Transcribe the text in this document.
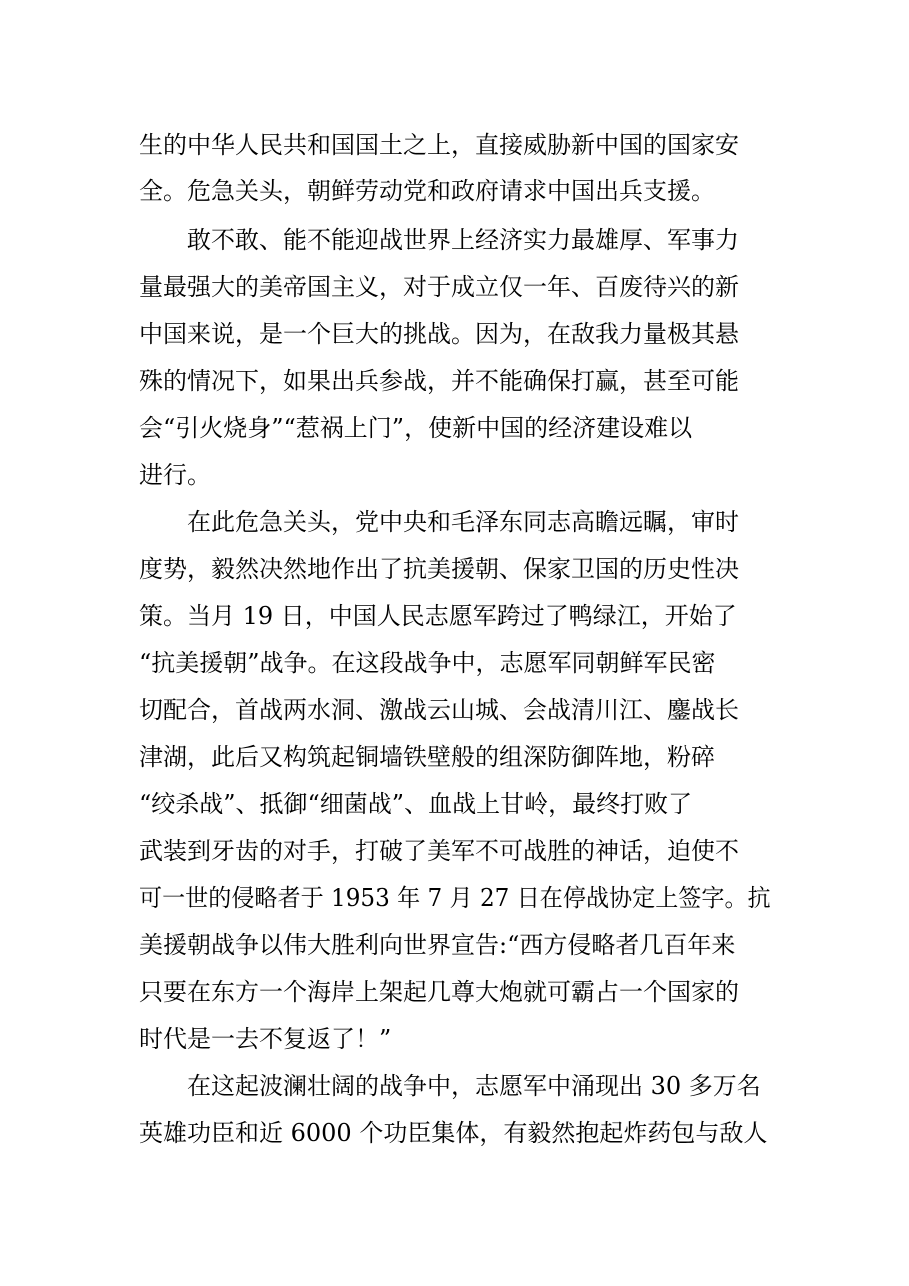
生的中华人民共和国国土之上，直接威胁新中国的国家安
全。危急关头，朝鲜劳动党和政府请求中国出兵支援。
敢不敢、能不能迎战世界上经济实力最雄厚、军事力
量最强大的美帝国主义，对于成立仅一年、百废待兴的新
中国来说，是一个巨大的挑战。因为，在敌我力量极其悬
殊的情况下，如果出兵参战，并不能确保打赢，甚至可能
会“引火烧身”“惹祸上门”，使新中国的经济建设难以
进行。
在此危急关头，党中央和毛泽东同志高瞻远瞩，审时
度势，毅然决然地作出了抗美援朝、保家卫国的历史性决
策。当月 19 日，中国人民志愿军跨过了鸭绿江，开始了
“抗美援朝”战争。在这段战争中，志愿军同朝鲜军民密
切配合，首战两水洞、激战云山城、会战清川江、鏖战长
津湖，此后又构筑起铜墙铁壁般的组深防御阵地，粉碎
“绞杀战”、抵御“细菌战”、血战上甘岭，最终打败了
武装到牙齿的对手，打破了美军不可战胜的神话，迫使不
可一世的侵略者于 1953 年 7 月 27 日在停战协定上签字。抗
美援朝战争以伟大胜利向世界宣告:“西方侵略者几百年来
只要在东方一个海岸上架起几尊大炮就可霸占一个国家的
时代是一去不复返了！”
在这起波澜壮阔的战争中，志愿军中涌现出 30 多万名
英雄功臣和近 6000 个功臣集体，有毅然抱起炸药包与敌人
